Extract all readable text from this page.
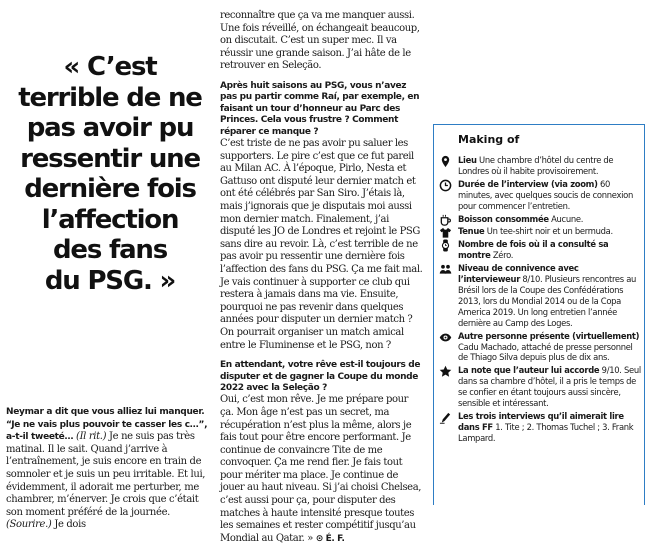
« C’est
terrible de ne
pas avoir pu
ressentir une
dernière fois
l’affection
des fans
du PSG. »
Neymar a dit que vous alliez lui manquer. “Je ne vais plus pouvoir te casser les c…”, a-t-il tweeté… (Il rit.) Je ne suis pas très matinal. Il le sait. Quand j’arrive à l’entraînement, je suis encore en train de somnoler et je suis un peu irritable. Et lui, évidemment, il adorait me perturber, me chambrer, m’énerver. Je crois que c’était son moment préféré de la journée. (Sourire.) Je dois

reconnaître que ça va me manquer aussi. Une fois réveillé, on échangeait beaucoup, on discutait. C’est un super mec. Il va réussir une grande saison. J’ai hâte de le retrouver en Seleção.

Après huit saisons au PSG, vous n’avez pas pu partir comme Raí, par exemple, en faisant un tour d’honneur au Parc des Princes. Cela vous frustre ? Comment réparer ce manque ?

C’est triste de ne pas avoir pu saluer les supporters. Le pire c’est que ce fut pareil au Milan AC. À l’époque, Pirlo, Nesta et Gattuso ont disputé leur dernier match et ont été célébrés par San Siro. J’étais là, mais j’ignorais que je disputais moi aussi mon dernier match. Finalement, j’ai disputé les JO de Londres et rejoint le PSG sans dire au revoir. Là, c’est terrible de ne pas avoir pu ressentir une dernière fois l’affection des fans du PSG. Ça me fait mal. Je vais continuer à supporter ce club qui restera à jamais dans ma vie. Ensuite, pourquoi ne pas revenir dans quelques années pour disputer un dernier match ? On pourrait organiser un match amical entre le Fluminense et le PSG, non ?

En attendant, votre rêve est-il toujours de disputer et de gagner la Coupe du monde 2022 avec la Seleção ?

Oui, c’est mon rêve. Je me prépare pour ça. Mon âge n’est pas un secret, ma récupération n’est plus la même, alors je fais tout pour être encore performant. Je continue de convaincre Tite de me convoquer. Ça me rend fier. Je fais tout pour mériter ma place. Je continue de jouer au haut niveau. Si j’ai choisi Chelsea, c’est aussi pour ça, pour disputer des matches à haute intensité presque toutes les semaines et rester compétitif jusqu’au Mondial au Qatar. » ⊙ É. F.

Making of
Lieu Une chambre d’hôtel du centre de Londres où il habite provisoirement.
Durée de l’interview (via zoom) 60 minutes, avec quelques soucis de connexion pour commencer l’entretien.
Boisson consommée Aucune.
Tenue Un tee-shirt noir et un bermuda.
Nombre de fois où il a consulté sa montre Zéro.
Niveau de connivence avec l’intervieweur 8/10. Plusieurs rencontres au Brésil lors de la Coupe des Confédérations 2013, lors du Mondial 2014 ou de la Copa America 2019. Un long entretien l’année dernière au Camp des Loges.
Autre personne présente (virtuellement) Cadu Machado, attaché de presse personnel de Thiago Silva depuis plus de dix ans.
La note que l’auteur lui accorde 9/10. Seul dans sa chambre d’hôtel, il a pris le temps de se confier en étant toujours aussi sincère, sensible et intéressant.
Les trois interviews qu’il aimerait lire dans FF 1. Tite ; 2. Thomas Tuchel ; 3. Frank Lampard.
